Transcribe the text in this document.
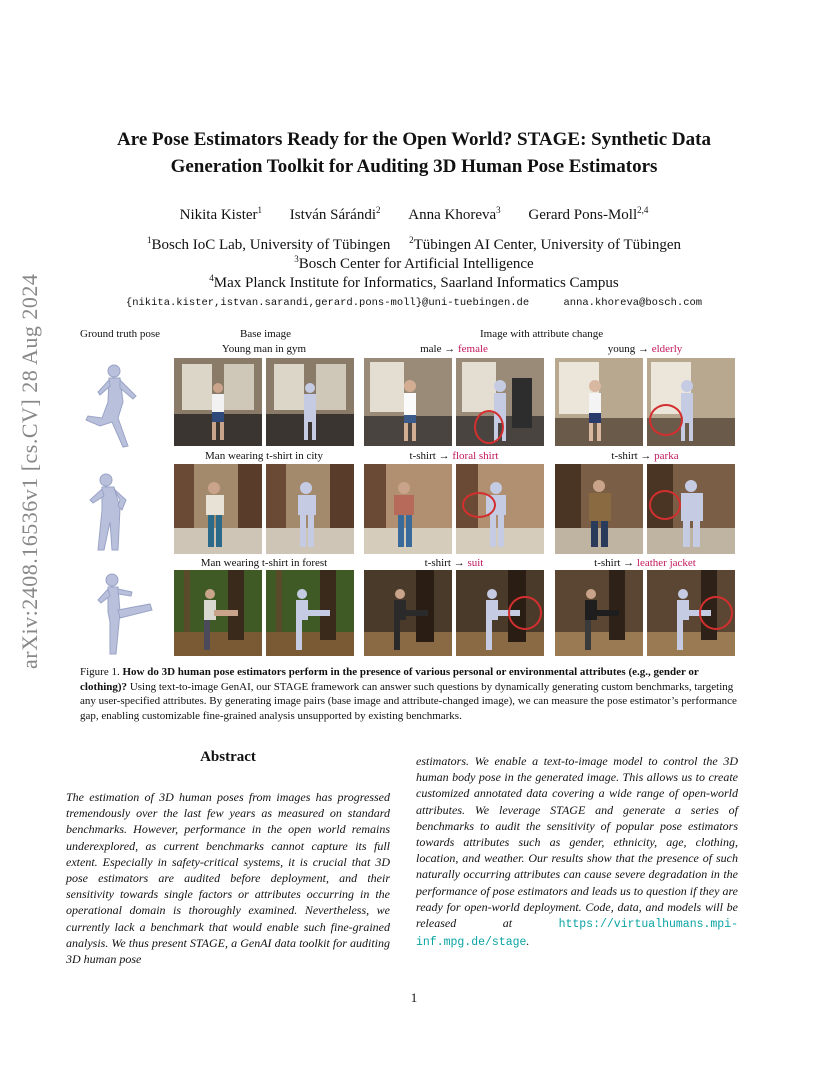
arXiv:2408.16536v1 [cs.CV] 28 Aug 2024
Are Pose Estimators Ready for the Open World? STAGE: Synthetic Data
Generation Toolkit for Auditing 3D Human Pose Estimators
Nikita Kister$^1$ István Sárándi$^2$ Anna Khoreva$^3$ Gerard Pons-Moll$^{2,4}$
$^1$Bosch IoC Lab, University of Tübingen $^2$Tübingen AI Center, University of Tübingen
$^3$Bosch Center for Artificial Intelligence
$^4$Max Planck Institute for Informatics, Saarland Informatics Campus
{nikita.kister,istvan.sarandi,gerard.pons-moll}@uni-tuebingen.de	anna.khoreva@bosch.com
Ground truth pose	Base image	Image with attribute change
Young man in gym	male → female	young → elderly
Man wearing t-shirt in city	t-shirt → floral shirt	t-shirt → parka
Man wearing t-shirt in forest	t-shirt → suit	t-shirt → leather jacket
Figure 1. How do 3D human pose estimators perform in the presence of various personal or environmental attributes (e.g., gender or clothing)? Using text-to-image GenAI, our STAGE framework can answer such questions by dynamically generating custom benchmarks, targeting any user-specified attributes. By generating image pairs (base image and attribute-changed image), we can measure the pose estimator’s performance gap, enabling customizable fine-grained analysis unsupported by existing benchmarks.
Abstract
The estimation of 3D human poses from images has progressed tremendously over the last few years as measured on standard benchmarks. However, performance in the open world remains underexplored, as current benchmarks cannot capture its full extent. Especially in safety-critical systems, it is crucial that 3D pose estimators are audited before deployment, and their sensitivity towards single factors or attributes occurring in the operational domain is thoroughly examined. Nevertheless, we currently lack a benchmark that would enable such fine-grained analysis. We thus present STAGE, a GenAI data toolkit for auditing 3D human pose
estimators. We enable a text-to-image model to control the 3D human body pose in the generated image. This allows us to create customized annotated data covering a wide range of open-world attributes. We leverage STAGE and generate a series of benchmarks to audit the sensitivity of popular pose estimators towards attributes such as gender, ethnicity, age, clothing, location, and weather. Our results show that the presence of such naturally occurring attributes can cause severe degradation in the performance of pose estimators and leads us to question if they are ready for open-world deployment. Code, data, and models will be released at	https://virtualhumans.mpi-inf.mpg.de/stage.
1
